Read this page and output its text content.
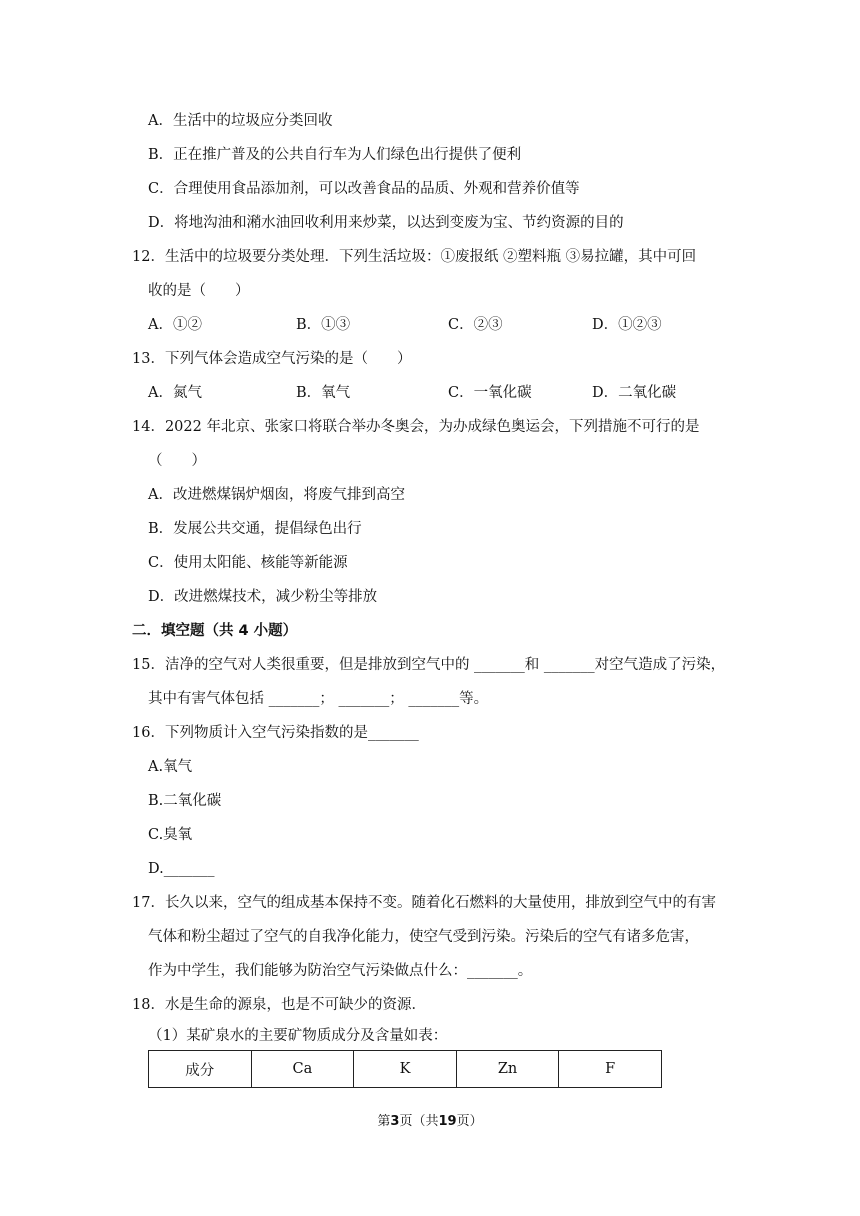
A．生活中的垃圾应分类回收
B．正在推广普及的公共自行车为人们绿色出行提供了便利
C．合理使用食品添加剂，可以改善食品的品质、外观和营养价值等
D．将地沟油和潲水油回收利用来炒菜，以达到变废为宝、节约资源的目的
12．生活中的垃圾要分类处理．下列生活垃圾：①废报纸 ②塑料瓶 ③易拉罐，其中可回
收的是（　　）
A．①②	B．①③	C．②③	D．①②③
13．下列气体会造成空气污染的是（　　）
A．氮气	B．氧气	C．一氧化碳	D．二氧化碳
14．2022 年北京、张家口将联合举办冬奥会，为办成绿色奥运会，下列措施不可行的是
（　　）
A．改进燃煤锅炉烟囱，将废气排到高空
B．发展公共交通，提倡绿色出行
C．使用太阳能、核能等新能源
D．改进燃煤技术，减少粉尘等排放
二．填空题（共 4 小题）
15．洁净的空气对人类很重要，但是排放到空气中的 _______和 _______对空气造成了污染，
其中有害气体包括 _______； _______； _______等。
16．下列物质计入空气污染指数的是_______
A.氧气
B.二氧化碳
C.臭氧
D._______
17．长久以来，空气的组成基本保持不变。随着化石燃料的大量使用，排放到空气中的有害
气体和粉尘超过了空气的自我净化能力，使空气受到污染。污染后的空气有诸多危害，
作为中学生，我们能够为防治空气污染做点什么：_______。
18．水是生命的源泉，也是不可缺少的资源．
（1）某矿泉水的主要矿物质成分及含量如表：
成分	Ca	K	Zn	F
第3页（共19页）
